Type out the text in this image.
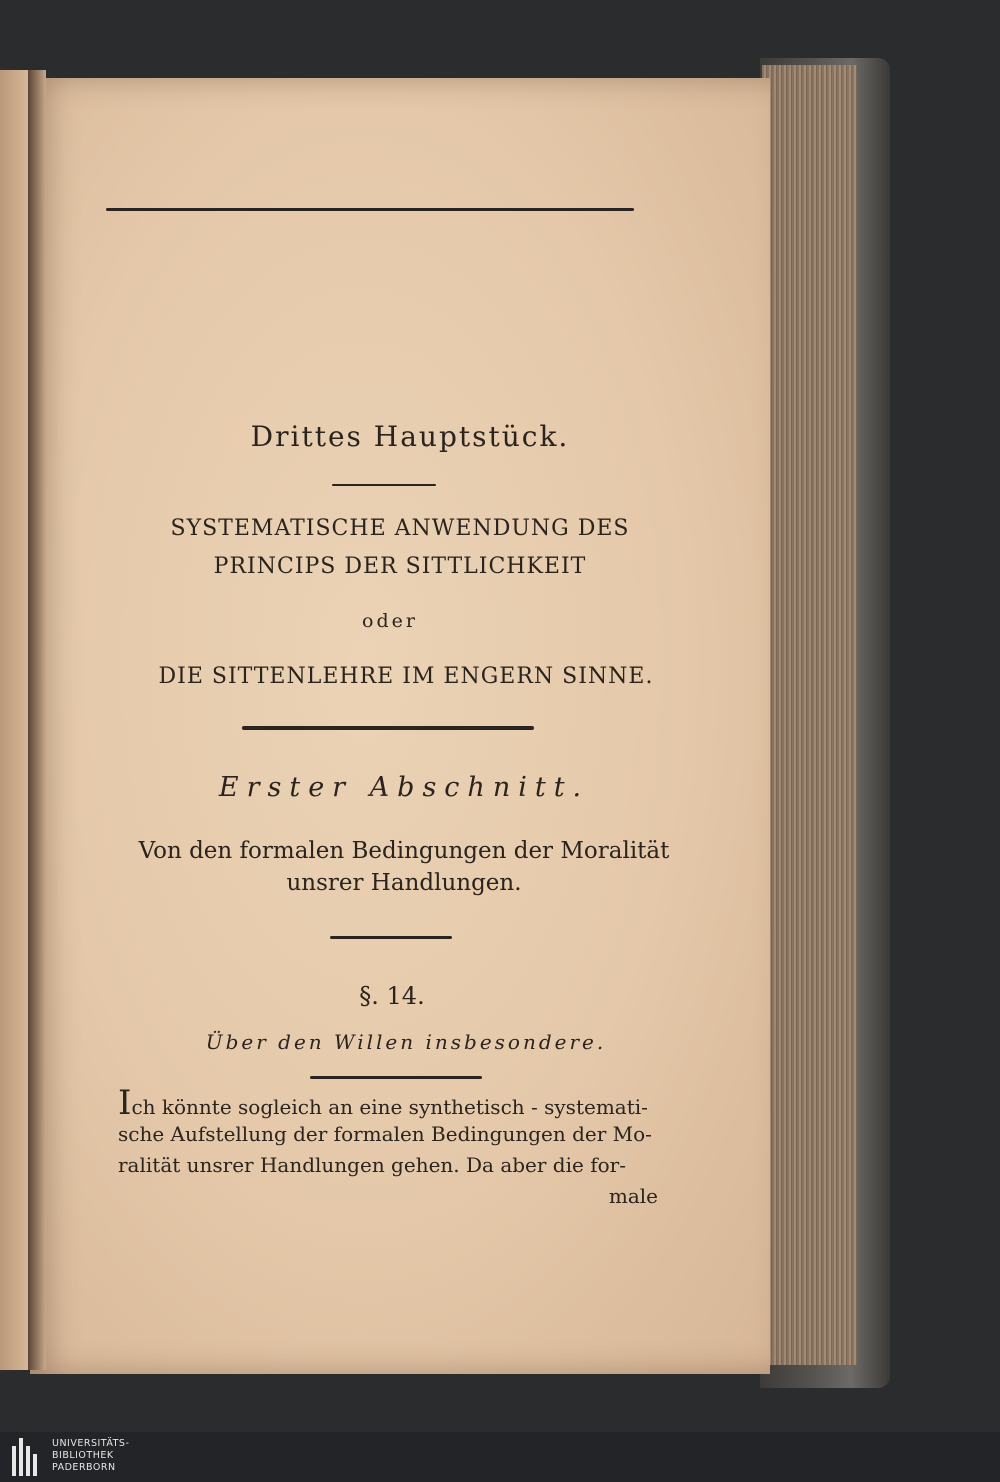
Drittes Hauptstück.
SYSTEMATISCHE ANWENDUNG DES
PRINCIPS DER SITTLICHKEIT
oder
DIE SITTENLEHRE IM ENGERN SINNE.
Erster Abschnitt.
Von den formalen Bedingungen der Moralität
unsrer Handlungen.
§. 14.
Über den Willen insbesondere.
Ich könnte sogleich an eine synthetisch - systemati-
sche Aufstellung der formalen Bedingungen der Mo-
ralität unsrer Handlungen gehen. Da aber die for-
male
UNIVERSITÄTS-
BIBLIOTHEK
PADERBORN
